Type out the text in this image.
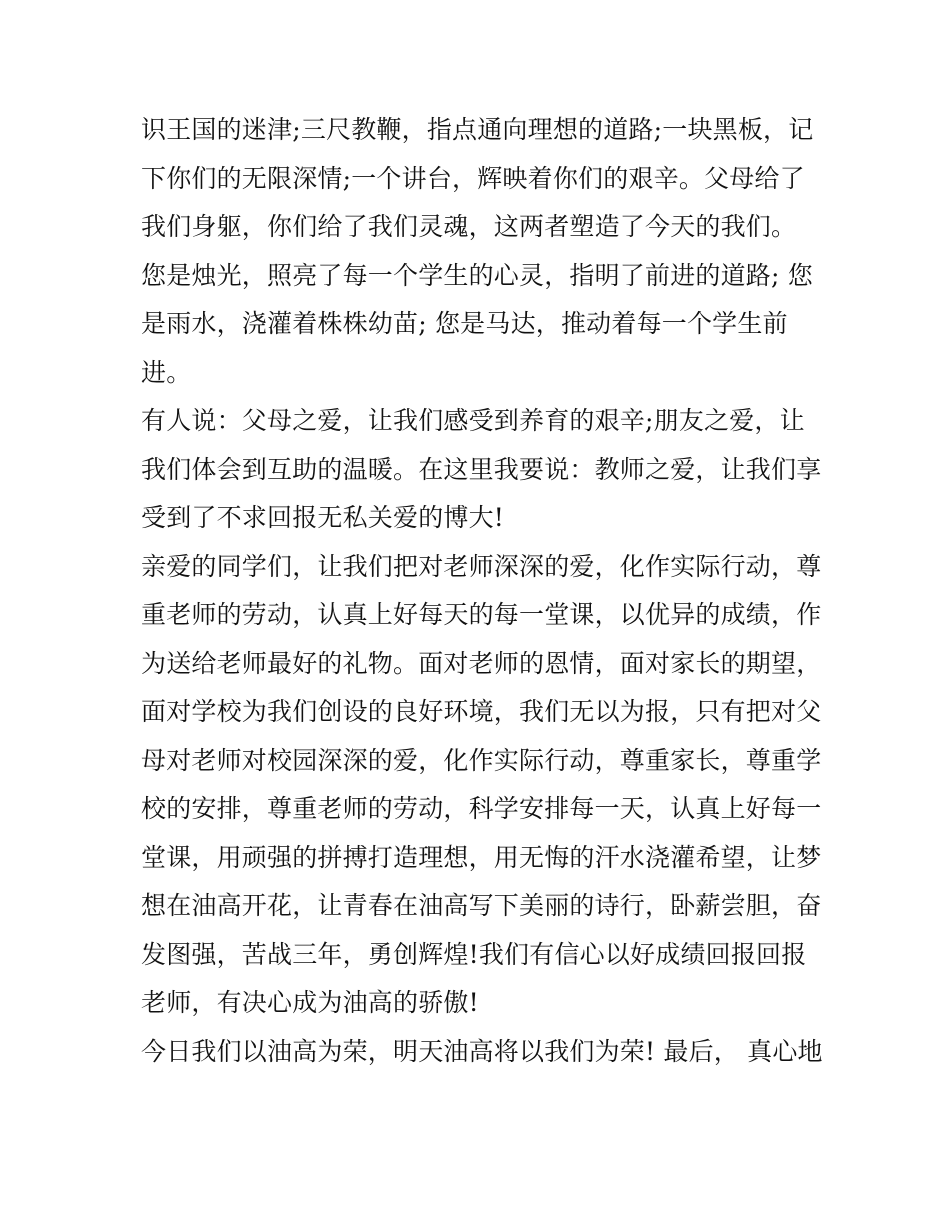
识王国的迷津;三尺教鞭，指点通向理想的道路;一块黑板，记
下你们的无限深情;一个讲台，辉映着你们的艰辛。父母给了
我们身躯，你们给了我们灵魂，这两者塑造了今天的我们。
您是烛光，照亮了每一个学生的心灵，指明了前进的道路; 您
是雨水，浇灌着株株幼苗; 您是马达，推动着每一个学生前
进。
有人说：父母之爱，让我们感受到养育的艰辛;朋友之爱，让
我们体会到互助的温暖。在这里我要说：教师之爱，让我们享
受到了不求回报无私关爱的博大!
亲爱的同学们，让我们把对老师深深的爱，化作实际行动，尊
重老师的劳动，认真上好每天的每一堂课，以优异的成绩，作
为送给老师最好的礼物。面对老师的恩情，面对家长的期望，
面对学校为我们创设的良好环境，我们无以为报，只有把对父
母对老师对校园深深的爱，化作实际行动，尊重家长，尊重学
校的安排，尊重老师的劳动，科学安排每一天，认真上好每一
堂课，用顽强的拼搏打造理想，用无悔的汗水浇灌希望，让梦
想在油高开花，让青春在油高写下美丽的诗行，卧薪尝胆，奋
发图强，苦战三年，勇创辉煌!我们有信心以好成绩回报回报
老师，有决心成为油高的骄傲!
今日我们以油高为荣，明天油高将以我们为荣! 最后， 真心地
